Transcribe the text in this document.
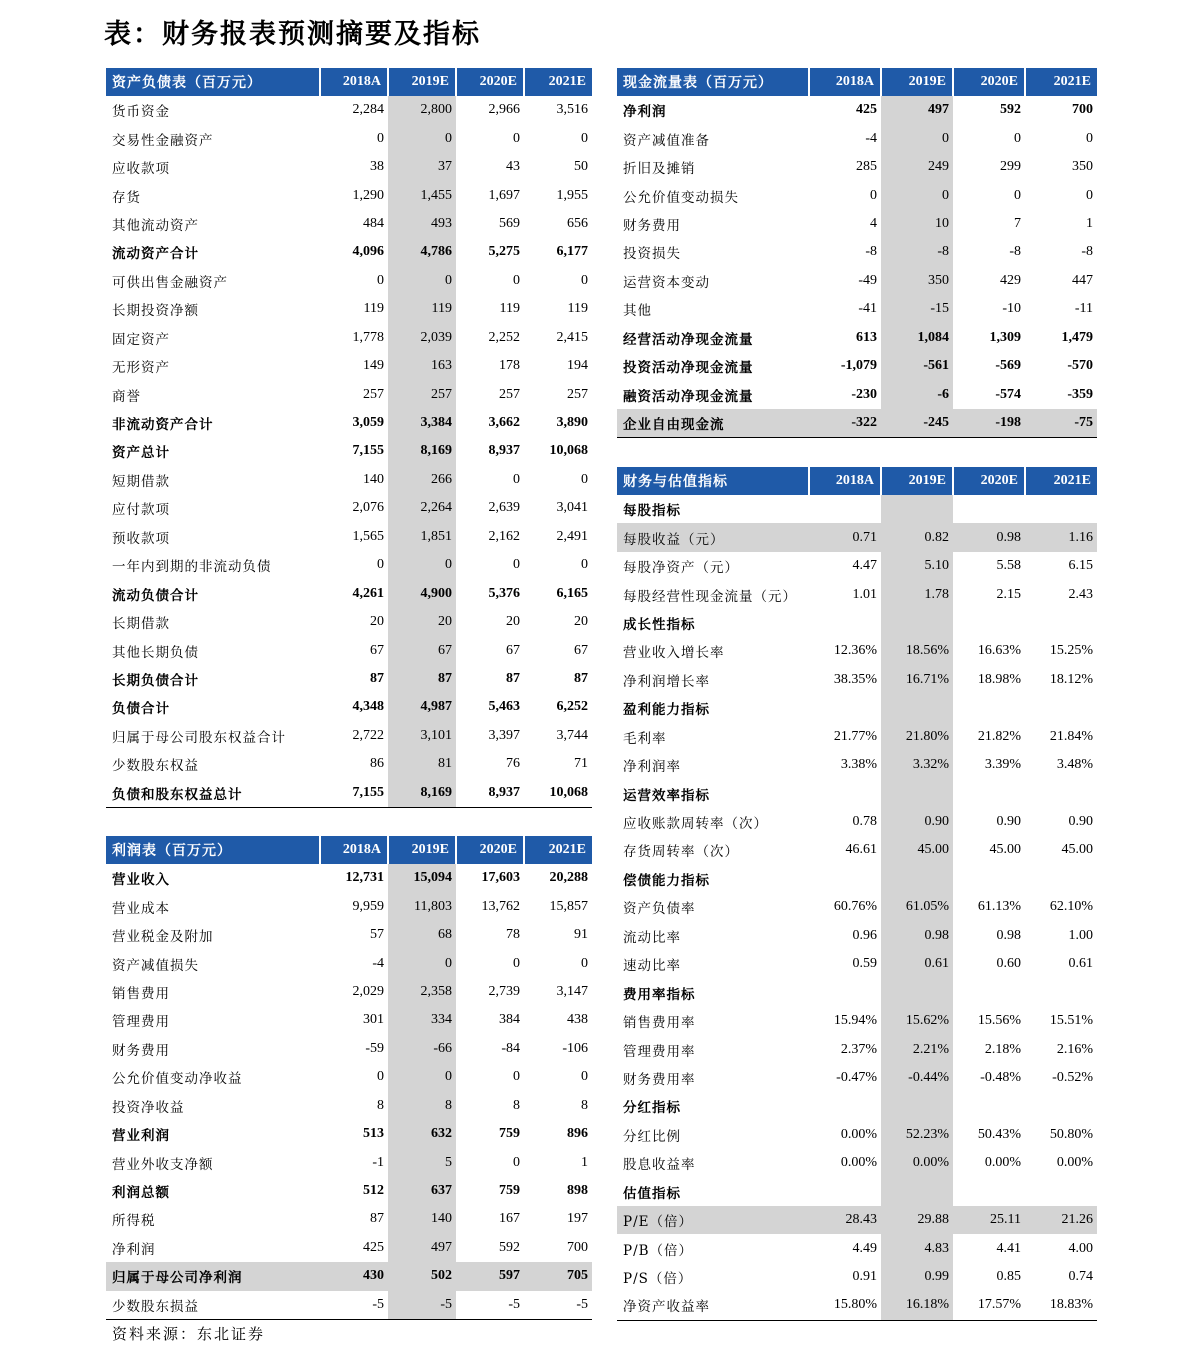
表：财务报表预测摘要及指标
资产负债表（百万元）	2018A	2019E	2020E	2021E
货币资金	2,284	2,800	2,966	3,516
交易性金融资产	0	0	0	0
应收款项	38	37	43	50
存货	1,290	1,455	1,697	1,955
其他流动资产	484	493	569	656
流动资产合计	4,096	4,786	5,275	6,177
可供出售金融资产	0	0	0	0
长期投资净额	119	119	119	119
固定资产	1,778	2,039	2,252	2,415
无形资产	149	163	178	194
商誉	257	257	257	257
非流动资产合计	3,059	3,384	3,662	3,890
资产总计	7,155	8,169	8,937	10,068
短期借款	140	266	0	0
应付款项	2,076	2,264	2,639	3,041
预收款项	1,565	1,851	2,162	2,491
一年内到期的非流动负债	0	0	0	0
流动负债合计	4,261	4,900	5,376	6,165
长期借款	20	20	20	20
其他长期负债	67	67	67	67
长期负债合计	87	87	87	87
负债合计	4,348	4,987	5,463	6,252
归属于母公司股东权益合计	2,722	3,101	3,397	3,744
少数股东权益	86	81	76	71
负债和股东权益总计	7,155	8,169	8,937	10,068
利润表（百万元）	2018A	2019E	2020E	2021E
营业收入	12,731	15,094	17,603	20,288
营业成本	9,959	11,803	13,762	15,857
营业税金及附加	57	68	78	91
资产减值损失	-4	0	0	0
销售费用	2,029	2,358	2,739	3,147
管理费用	301	334	384	438
财务费用	-59	-66	-84	-106
公允价值变动净收益	0	0	0	0
投资净收益	8	8	8	8
营业利润	513	632	759	896
营业外收支净额	-1	5	0	1
利润总额	512	637	759	898
所得税	87	140	167	197
净利润	425	497	592	700
归属于母公司净利润	430	502	597	705
少数股东损益	-5	-5	-5	-5
现金流量表（百万元）	2018A	2019E	2020E	2021E
净利润	425	497	592	700
资产减值准备	-4	0	0	0
折旧及摊销	285	249	299	350
公允价值变动损失	0	0	0	0
财务费用	4	10	7	1
投资损失	-8	-8	-8	-8
运营资本变动	-49	350	429	447
其他	-41	-15	-10	-11
经营活动净现金流量	613	1,084	1,309	1,479
投资活动净现金流量	-1,079	-561	-569	-570
融资活动净现金流量	-230	-6	-574	-359
企业自由现金流	-322	-245	-198	-75
财务与估值指标	2018A	2019E	2020E	2021E
每股指标				
每股收益（元）	0.71	0.82	0.98	1.16
每股净资产（元）	4.47	5.10	5.58	6.15
每股经营性现金流量（元）	1.01	1.78	2.15	2.43
成长性指标				
营业收入增长率	12.36%	18.56%	16.63%	15.25%
净利润增长率	38.35%	16.71%	18.98%	18.12%
盈利能力指标				
毛利率	21.77%	21.80%	21.82%	21.84%
净利润率	3.38%	3.32%	3.39%	3.48%
运营效率指标				
应收账款周转率（次）	0.78	0.90	0.90	0.90
存货周转率（次）	46.61	45.00	45.00	45.00
偿债能力指标				
资产负债率	60.76%	61.05%	61.13%	62.10%
流动比率	0.96	0.98	0.98	1.00
速动比率	0.59	0.61	0.60	0.61
费用率指标				
销售费用率	15.94%	15.62%	15.56%	15.51%
管理费用率	2.37%	2.21%	2.18%	2.16%
财务费用率	-0.47%	-0.44%	-0.48%	-0.52%
分红指标				
分红比例	0.00%	52.23%	50.43%	50.80%
股息收益率	0.00%	0.00%	0.00%	0.00%
估值指标				
P/E（倍）	28.43	29.88	25.11	21.26
P/B（倍）	4.49	4.83	4.41	4.00
P/S（倍）	0.91	0.99	0.85	0.74
净资产收益率	15.80%	16.18%	17.57%	18.83%
资料来源：东北证券
